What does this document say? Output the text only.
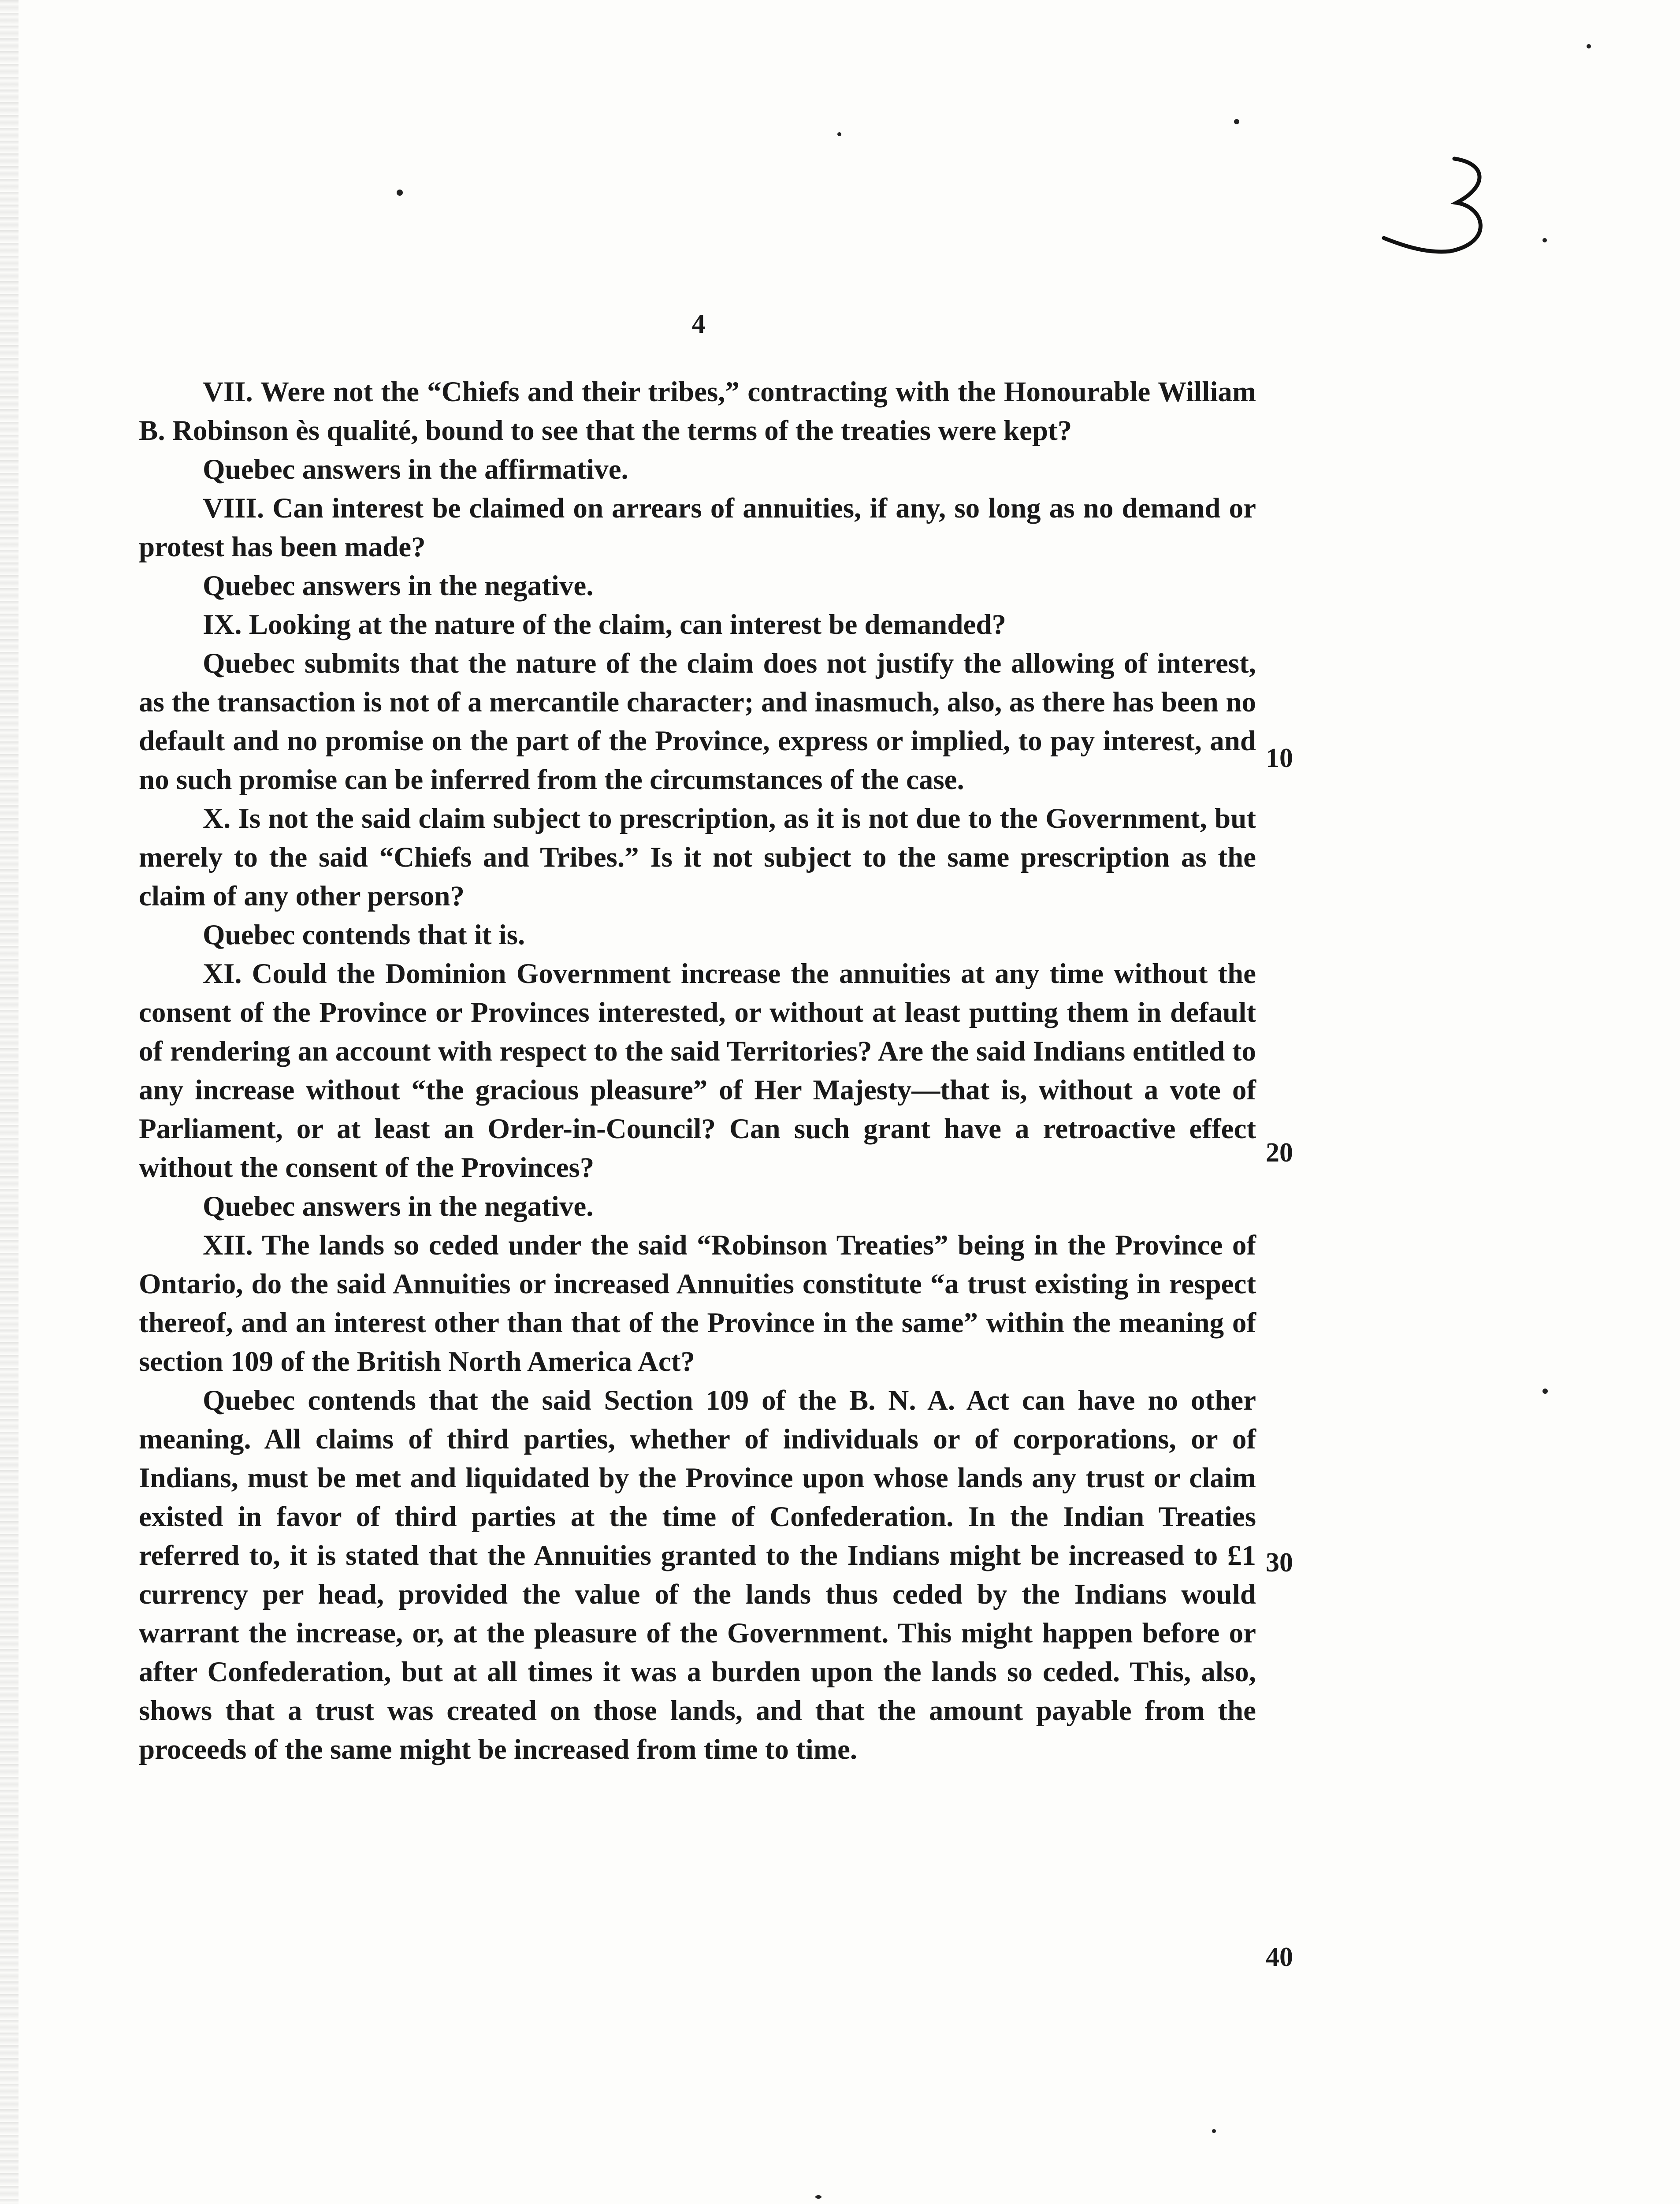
4

VII. Were not the “Chiefs and their tribes,” contracting with the Honourable William B. Robinson ès qualité, bound to see that the terms of the treaties were kept?

Quebec answers in the affirmative.

VIII. Can interest be claimed on arrears of annuities, if any, so long as no demand or protest has been made?

Quebec answers in the negative.

IX. Looking at the nature of the claim, can interest be demanded?

Quebec submits that the nature of the claim does not justify the allowing of interest, as the transaction is not of a mercantile character; and inasmuch, also, as there has been no default and no promise on the part of the Province, express or implied, to pay interest, and no such promise can be inferred from the circumstances of the case.

X. Is not the said claim subject to prescription, as it is not due to the Government, but merely to the said “Chiefs and Tribes.” Is it not subject to the same prescription as the claim of any other person?

Quebec contends that it is.

XI. Could the Dominion Government increase the annuities at any time without the consent of the Province or Provinces interested, or without at least putting them in default of rendering an account with respect to the said Territories? Are the said Indians entitled to any increase without “the gracious pleasure” of Her Majesty—that is, without a vote of Parliament, or at least an Order-in-Council? Can such grant have a retroactive effect without the consent of the Provinces?

Quebec answers in the negative.

XII. The lands so ceded under the said “Robinson Treaties” being in the Province of Ontario, do the said Annuities or increased Annuities constitute “a trust existing in respect thereof, and an interest other than that of the Province in the same” within the meaning of section 109 of the British North America Act?

Quebec contends that the said Section 109 of the B. N. A. Act can have no other meaning. All claims of third parties, whether of individuals or of corporations, or of Indians, must be met and liquidated by the Province upon whose lands any trust or claim existed in favor of third parties at the time of Confederation. In the Indian Treaties referred to, it is stated that the Annuities granted to the Indians might be increased to £1 currency per head, provided the value of the lands thus ceded by the Indians would warrant the increase, or, at the pleasure of the Government. This might happen before or after Confederation, but at all times it was a burden upon the lands so ceded. This, also, shows that a trust was created on those lands, and that the amount payable from the proceeds of the same might be increased from time to time.

10
20
30
40
